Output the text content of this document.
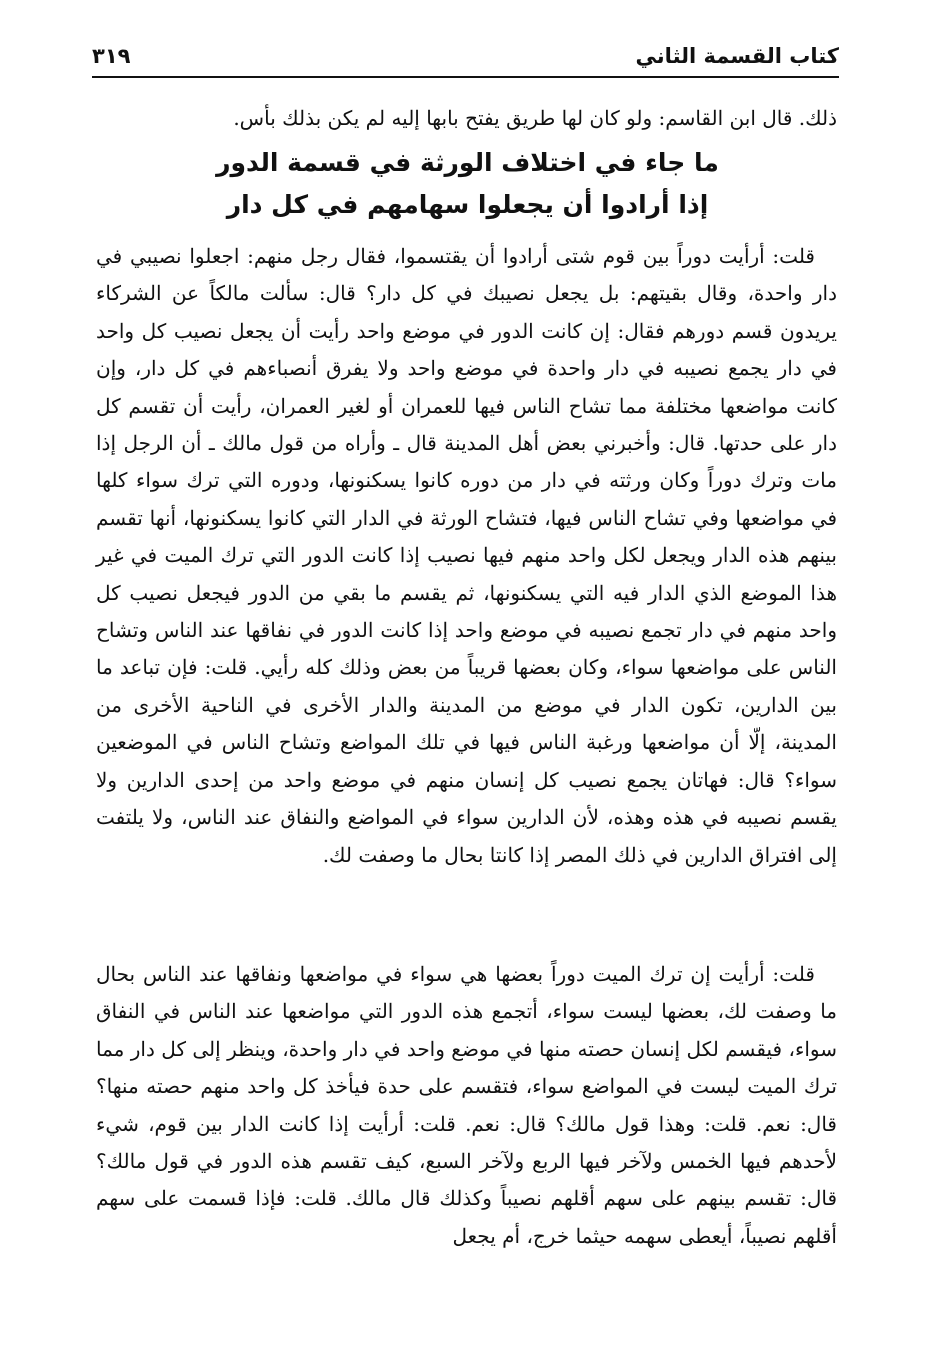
كتاب القسمة الثاني
٣١٩
ذلك. قال ابن القاسم: ولو كان لها طريق يفتح بابها إليه لم يكن بذلك بأس.
ما جاء في اختلاف الورثة في قسمة الدور
إذا أرادوا أن يجعلوا سهامهم في كل دار
قلت: أرأيت دوراً بين قوم شتى أرادوا أن يقتسموا، فقال رجل منهم: اجعلوا نصيبي في دار واحدة، وقال بقيتهم: بل يجعل نصيبك في كل دار؟ قال: سألت مالكاً عن الشركاء يريدون قسم دورهم فقال: إن كانت الدور في موضع واحد رأيت أن يجعل نصيب كل واحد في دار يجمع نصيبه في دار واحدة في موضع واحد ولا يفرق أنصباءهم في كل دار، وإن كانت مواضعها مختلفة مما تشاح الناس فيها للعمران أو لغير العمران، رأيت أن تقسم كل دار على حدتها. قال: وأخبرني بعض أهل المدينة قال ـ وأراه من قول مالك ـ أن الرجل إذا مات وترك دوراً وكان ورثته في دار من دوره كانوا يسكنونها، ودوره التي ترك سواء كلها في مواضعها وفي تشاح الناس فيها، فتشاح الورثة في الدار التي كانوا يسكنونها، أنها تقسم بينهم هذه الدار ويجعل لكل واحد منهم فيها نصيب إذا كانت الدور التي ترك الميت في غير هذا الموضع الذي الدار فيه التي يسكنونها، ثم يقسم ما بقي من الدور فيجعل نصيب كل واحد منهم في دار تجمع نصيبه في موضع واحد إذا كانت الدور في نفاقها عند الناس وتشاح الناس على مواضعها سواء، وكان بعضها قريباً من بعض وذلك كله رأيي. قلت: فإن تباعد ما بين الدارين، تكون الدار في موضع من المدينة والدار الأخرى في الناحية الأخرى من المدينة، إلّا أن مواضعها ورغبة الناس فيها في تلك المواضع وتشاح الناس في الموضعين سواء؟ قال: فهاتان يجمع نصيب كل إنسان منهم في موضع واحد من إحدى الدارين ولا يقسم نصيبه في هذه وهذه، لأن الدارين سواء في المواضع والنفاق عند الناس، ولا يلتفت إلى افتراق الدارين في ذلك المصر إذا كانتا بحال ما وصفت لك.
قلت: أرأيت إن ترك الميت دوراً بعضها هي سواء في مواضعها ونفاقها عند الناس بحال ما وصفت لك، بعضها ليست سواء، أتجمع هذه الدور التي مواضعها عند الناس في النفاق سواء، فيقسم لكل إنسان حصته منها في موضع واحد في دار واحدة، وينظر إلى كل دار مما ترك الميت ليست في المواضع سواء، فتقسم على حدة فيأخذ كل واحد منهم حصته منها؟ قال: نعم. قلت: وهذا قول مالك؟ قال: نعم. قلت: أرأيت إذا كانت الدار بين قوم، شيء لأحدهم فيها الخمس ولآخر فيها الربع ولآخر السبع، كيف تقسم هذه الدور في قول مالك؟ قال: تقسم بينهم على سهم أقلهم نصيباً وكذلك قال مالك. قلت: فإذا قسمت على سهم أقلهم نصيباً، أيعطى سهمه حيثما خرج، أم يجعل
